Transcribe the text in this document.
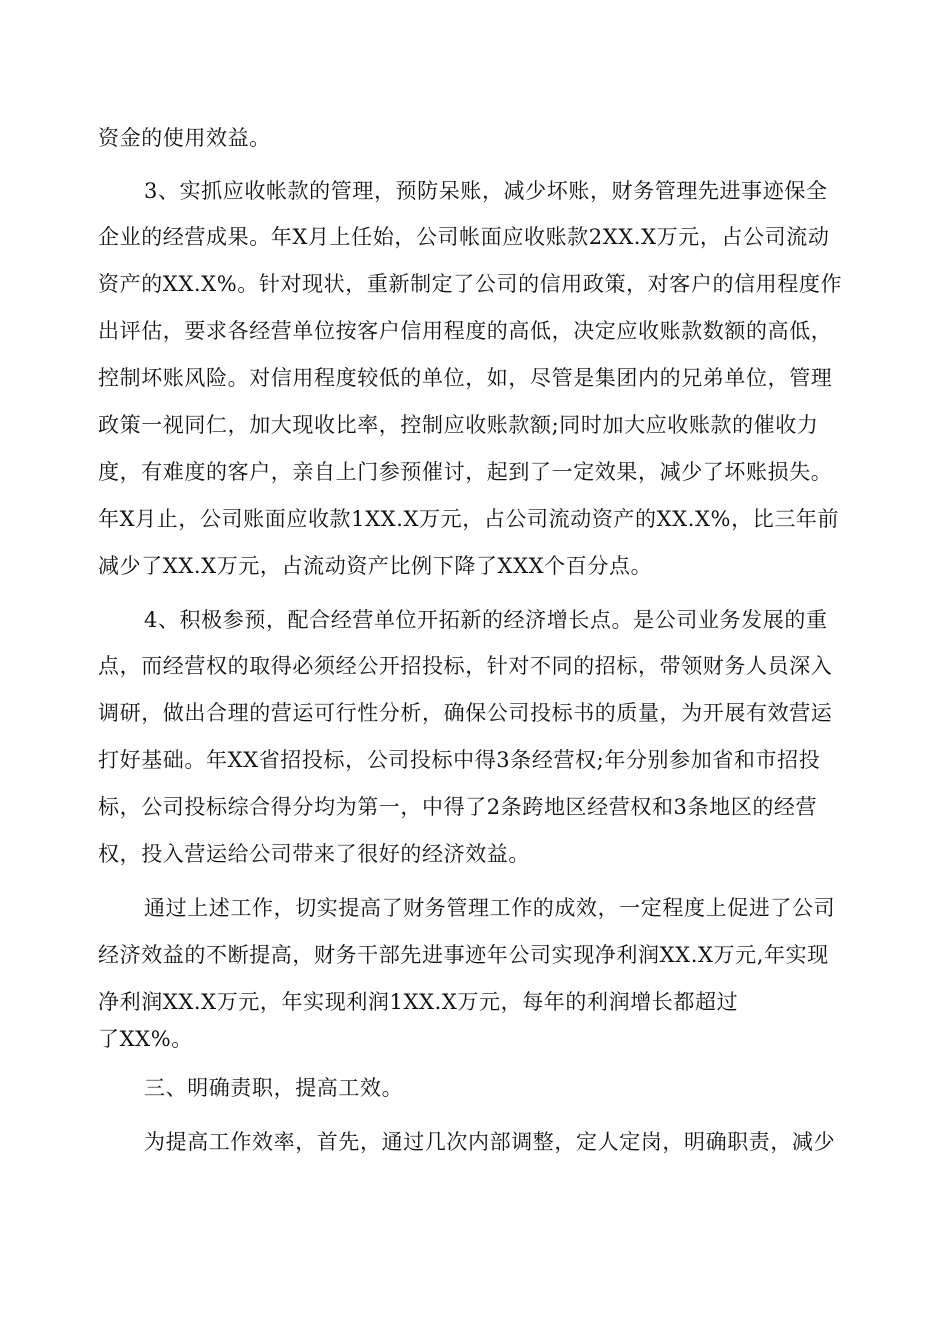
资金的使用效益。
3、实抓应收帐款的管理，预防呆账，减少坏账，财务管理先进事迹保全
企业的经营成果。年X月上任始，公司帐面应收账款2XX.X万元，占公司流动
资产的XX.X%。针对现状，重新制定了公司的信用政策，对客户的信用程度作
出评估，要求各经营单位按客户信用程度的高低，决定应收账款数额的高低，
控制坏账风险。对信用程度较低的单位，如，尽管是集团内的兄弟单位，管理
政策一视同仁，加大现收比率，控制应收账款额;同时加大应收账款的催收力
度，有难度的客户，亲自上门参预催讨，起到了一定效果，减少了坏账损失。
年X月止，公司账面应收款1XX.X万元，占公司流动资产的XX.X%，比三年前
减少了XX.X万元，占流动资产比例下降了XXX个百分点。
4、积极参预，配合经营单位开拓新的经济增长点。是公司业务发展的重
点，而经营权的取得必须经公开招投标，针对不同的招标，带领财务人员深入
调研，做出合理的营运可行性分析，确保公司投标书的质量，为开展有效营运
打好基础。年XX省招投标，公司投标中得3条经营权;年分别参加省和市招投
标，公司投标综合得分均为第一，中得了2条跨地区经营权和3条地区的经营
权，投入营运给公司带来了很好的经济效益。
通过上述工作，切实提高了财务管理工作的成效，一定程度上促进了公司
经济效益的不断提高，财务干部先进事迹年公司实现净利润XX.X万元,年实现
净利润XX.X万元，年实现利润1XX.X万元，每年的利润增长都超过
了XX%。
三、明确责职，提高工效。
为提高工作效率，首先，通过几次内部调整，定人定岗，明确职责，减少
